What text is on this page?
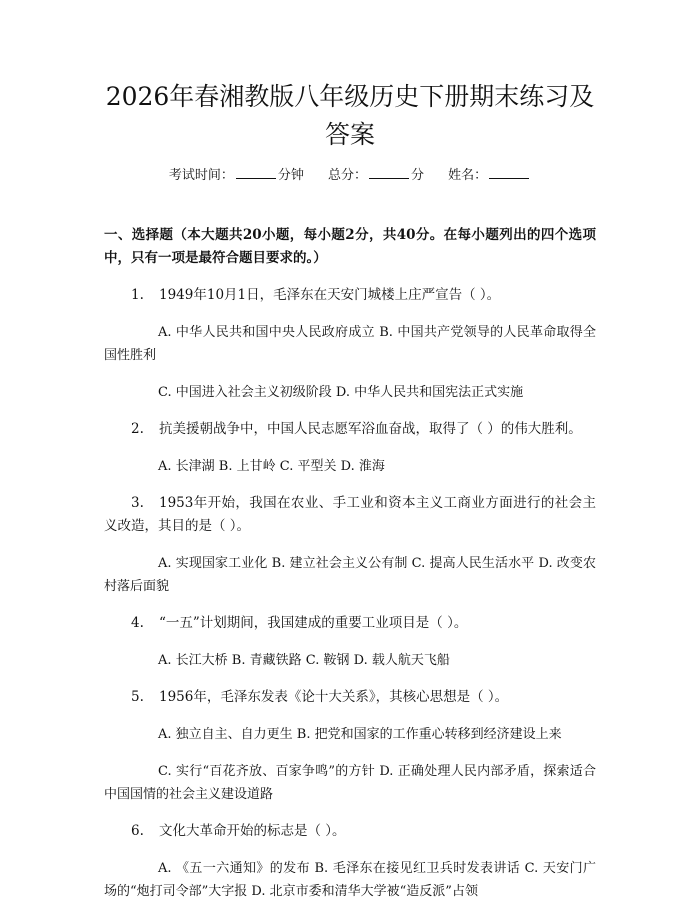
2026年春湘教版八年级历史下册期末练习及答案
考试时间：	分钟 总分：	分 姓名：

一、选择题（本大题共20小题，每小题2分，共40分。在每小题列出的四个选项中，只有一项是最符合题目要求的。）

1. 1949年10月1日，毛泽东在天安门城楼上庄严宣告（ ）。

A. 中华人民共和国中央人民政府成立 B. 中国共产党领导的人民革命取得全国性胜利

C. 中国进入社会主义初级阶段 D. 中华人民共和国宪法正式实施

2. 抗美援朝战争中，中国人民志愿军浴血奋战，取得了（ ）的伟大胜利。

A. 长津湖 B. 上甘岭 C. 平型关 D. 淮海

3. 1953年开始，我国在农业、手工业和资本主义工商业方面进行的社会主义改造，其目的是（ ）。

A. 实现国家工业化 B. 建立社会主义公有制 C. 提高人民生活水平 D. 改变农村落后面貌

4. “一五”计划期间，我国建成的重要工业项目是（ ）。

A. 长江大桥 B. 青藏铁路 C. 鞍钢 D. 载人航天飞船

5. 1956年，毛泽东发表《论十大关系》，其核心思想是（ ）。

A. 独立自主、自力更生 B. 把党和国家的工作重心转移到经济建设上来

C. 实行“百花齐放、百家争鸣”的方针 D. 正确处理人民内部矛盾，探索适合中国国情的社会主义建设道路

6. 文化大革命开始的标志是（ ）。

A. 《五一六通知》的发布 B. 毛泽东在接见红卫兵时发表讲话 C. 天安门广场的“炮打司令部”大字报 D. 北京市委和清华大学被“造反派”占领
